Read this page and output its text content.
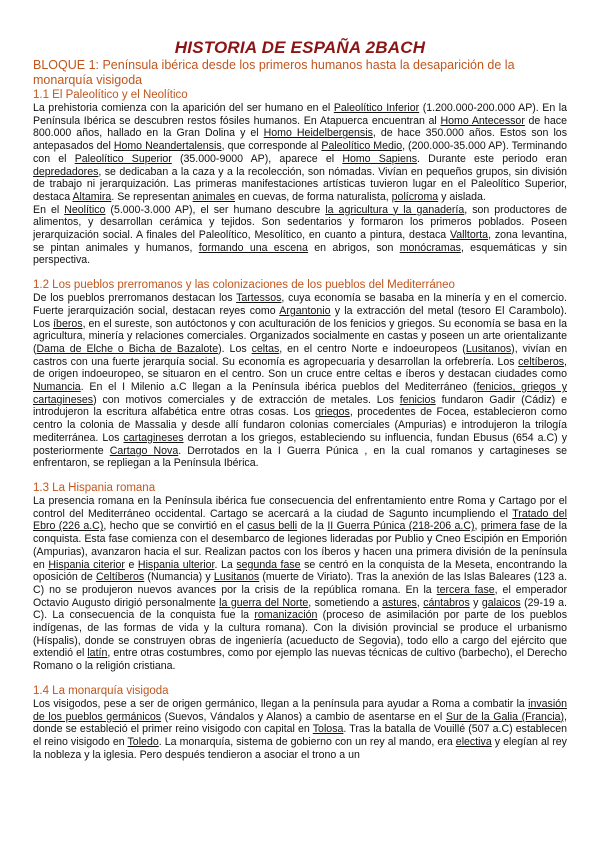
HISTORIA DE ESPAÑA 2BACH
BLOQUE 1: Península ibérica desde los primeros humanos hasta la desaparición de la monarquía visigoda
1.1 El Paleolítico y el Neolítico

La prehistoria comienza con la aparición del ser humano en el Paleolítico Inferior (1.200.000-200.000 AP). En la Península Ibérica se descubren restos fósiles humanos. En Atapuerca encuentran al Homo Antecessor de hace 800.000 años, hallado en la Gran Dolina y el Homo Heidelbergensis, de hace 350.000 años. Estos son los antepasados del Homo Neandertalensis, que corresponde al Paleolítico Medio, (200.000-35.000 AP). Terminando con el Paleolítico Superior (35.000-9000 AP), aparece el Homo Sapiens. Durante este periodo eran depredadores, se dedicaban a la caza y a la recolección, son nómadas. Vivían en pequeños grupos, sin división de trabajo ni jerarquización. Las primeras manifestaciones artísticas tuvieron lugar en el Paleolítico Superior, destaca Altamira. Se representan animales en cuevas, de forma naturalista, polícroma y aislada.

En el Neolítico (5.000-3.000 AP), el ser humano descubre la agricultura y la ganadería, son productores de alimentos, y desarrollan cerámica y tejidos. Son sedentarios y formaron los primeros poblados. Poseen jerarquización social. A finales del Paleolítico, Mesolítico, en cuanto a pintura, destaca Valltorta, zona levantina, se pintan animales y humanos, formando una escena en abrigos, son monócramas, esquemáticas y sin perspectiva.

1.2 Los pueblos prerromanos y las colonizaciones de los pueblos del Mediterráneo

De los pueblos prerromanos destacan los Tartessos, cuya economía se basaba en la minería y en el comercio. Fuerte jerarquización social, destacan reyes como Argantonio y la extracción del metal (tesoro El Carambolo). Los íberos, en el sureste, son autóctonos y con aculturación de los fenicios y griegos. Su economía se basa en la agricultura, minería y relaciones comerciales. Organizados socialmente en castas y poseen un arte orientalizante (Dama de Elche o Bicha de Bazalote). Los celtas, en el centro Norte e indoeuropeos (Lusitanos), vivían en castros con una fuerte jerarquía social. Su economía es agropecuaria y desarrollan la orfebrería. Los celtíberos, de origen indoeuropeo, se situaron en el centro. Son un cruce entre celtas e íberos y destacan ciudades como Numancia. En el I Milenio a.C llegan a la Península ibérica pueblos del Mediterráneo (fenicios, griegos y cartagineses) con motivos comerciales y de extracción de metales. Los fenicios fundaron Gadir (Cádiz) e introdujeron la escritura alfabética entre otras cosas. Los griegos, procedentes de Focea, establecieron como centro la colonia de Massalia y desde allí fundaron colonias comerciales (Ampurias) e introdujeron la trilogía mediterránea. Los cartagineses derrotan a los griegos, estableciendo su influencia, fundan Ebusus (654 a.C) y posteriormente Cartago Nova. Derrotados en la I Guerra Púnica , en la cual romanos y cartagineses se enfrentaron, se repliegan a la Península Ibérica.

1.3 La Hispania romana

La presencia romana en la Península ibérica fue consecuencia del enfrentamiento entre Roma y Cartago por el control del Mediterráneo occidental. Cartago se acercará a la ciudad de Sagunto incumpliendo el Tratado del Ebro (226 a.C), hecho que se convirtió en el casus belli de la II Guerra Púnica (218-206 a.C), primera fase de la conquista. Esta fase comienza con el desembarco de legiones lideradas por Publio y Cneo Escipión en Emporión (Ampurias), avanzaron hacia el sur. Realizan pactos con los íberos y hacen una primera división de la península en Hispania citerior e Hispania ulterior. La segunda fase se centró en la conquista de la Meseta, encontrando la oposición de Celtíberos (Numancia) y Lusitanos (muerte de Viriato). Tras la anexión de las Islas Baleares (123 a. C) no se produjeron nuevos avances por la crisis de la república romana. En la tercera fase, el emperador Octavio Augusto dirigió personalmente la guerra del Norte, sometiendo a astures, cántabros y galaicos (29-19 a. C). La consecuencia de la conquista fue la romanización (proceso de asimilación por parte de los pueblos indígenas, de las formas de vida y la cultura romana). Con la división provincial se produce el urbanismo (Híspalis), donde se construyen obras de ingeniería (acueducto de Segovia), todo ello a cargo del ejército que extendió el latín, entre otras costumbres, como por ejemplo las nuevas técnicas de cultivo (barbecho), el Derecho Romano o la religión cristiana.

1.4 La monarquía visigoda

Los visigodos, pese a ser de origen germánico, llegan a la península para ayudar a Roma a combatir la invasión de los pueblos germánicos (Suevos, Vándalos y Alanos) a cambio de asentarse en el Sur de la Galia (Francia), donde se estableció el primer reino visigodo con capital en Tolosa. Tras la batalla de Vouillé (507 a.C) establecen el reino visigodo en Toledo. La monarquía, sistema de gobierno con un rey al mando, era electiva y elegían al rey la nobleza y la iglesia. Pero después tendieron a asociar el trono a un
